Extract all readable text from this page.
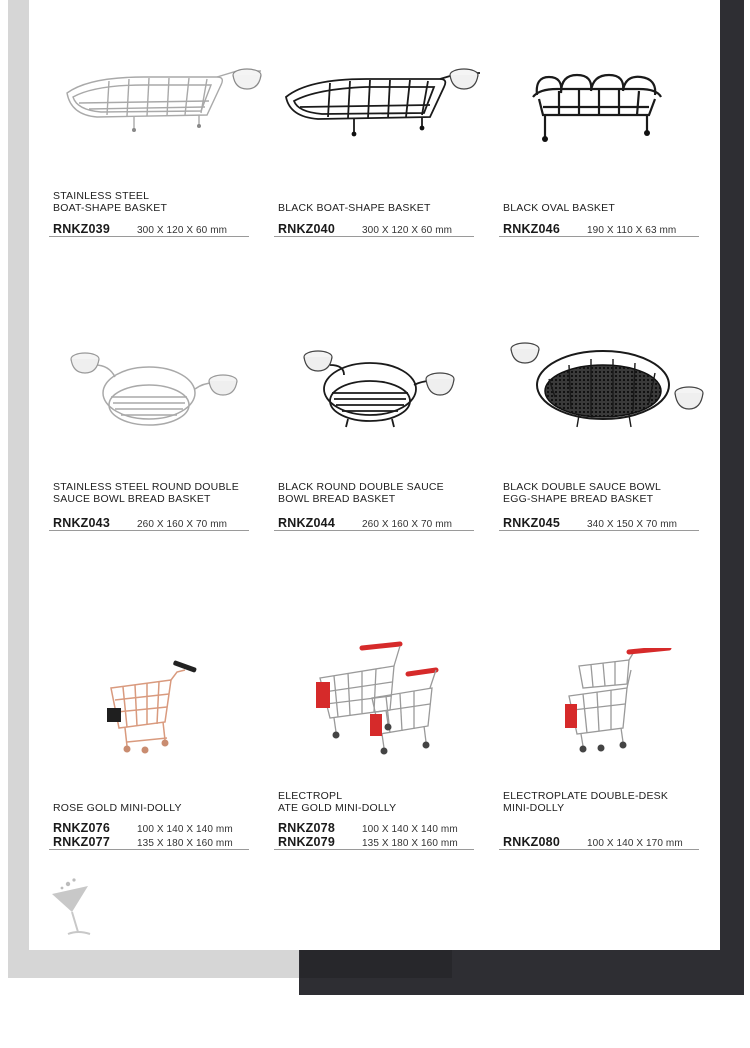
STAINLESS STEEL
BOAT-SHAPE BASKET
RNKZ039	300 X 120 X 60 mm
BLACK BOAT-SHAPE BASKET
RNKZ040	300 X 120 X 60 mm
BLACK OVAL BASKET
RNKZ046	190 X 110 X 63 mm
STAINLESS STEEL ROUND DOUBLE
SAUCE BOWL BREAD BASKET
RNKZ043	260 X 160 X 70 mm
BLACK ROUND DOUBLE SAUCE
BOWL BREAD BASKET
RNKZ044	260 X 160 X 70 mm
BLACK DOUBLE SAUCE BOWL
EGG-SHAPE BREAD BASKET
RNKZ045	340 X 150 X 70 mm
ROSE GOLD MINI-DOLLY
RNKZ076	100 X 140 X 140 mm
RNKZ077	135 X 180 X 160 mm
ELECTROPL
ATE GOLD MINI-DOLLY
RNKZ078	100 X 140 X 140 mm
RNKZ079	135 X 180 X 160 mm
ELECTROPLATE DOUBLE-DESK
MINI-DOLLY
RNKZ080	100 X 140 X 170 mm
